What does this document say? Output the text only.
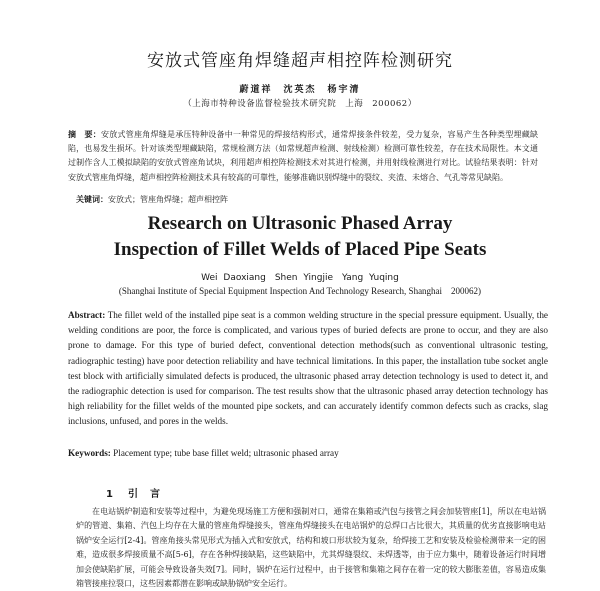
安放式管座角焊缝超声相控阵检测研究
蔚道祥　沈英杰　杨宇清
（上海市特种设备监督检验技术研究院　上海　200062）
摘　要：安放式管座角焊缝是承压特种设备中一种常见的焊接结构形式，通常焊接条件较差，受力复杂，容易产生各种类型埋藏缺陷，也易发生损坏。针对该类型埋藏缺陷，常规检测方法（如常规超声检测、射线检测）检测可靠性较差，存在技术局限性。本文通过制作含人工模拟缺陷的安放式管座角试块，利用超声相控阵检测技术对其进行检测，并用射线检测进行对比。试验结果表明：针对安放式管座角焊缝，超声相控阵检测技术具有较高的可靠性，能够准确识别焊缝中的裂纹、夹渣、未熔合、气孔等常见缺陷。
关键词：安放式；管座角焊缝；超声相控阵
Research on Ultrasonic Phased Array
Inspection of Fillet Welds of Placed Pipe Seats
Wei Daoxiang　Shen Yingjie　Yang Yuqing
(Shanghai Institute of Special Equipment Inspection And Technology Research, Shanghai　200062)
Abstract: The fillet weld of the installed pipe seat is a common welding structure in the special pressure equipment. Usually, the welding conditions are poor, the force is complicated, and various types of buried defects are prone to occur, and they are also prone to damage. For this type of buried defect, conventional detection methods(such as conventional ultrasonic testing, radiographic testing) have poor detection reliability and have technical limitations. In this paper, the installation tube socket angle test block with artificially simulated defects is produced, the ultrasonic phased array detection technology is used to detect it, and the radiographic detection is used for comparison. The test results show that the ultrasonic phased array detection technology has high reliability for the fillet welds of the mounted pipe sockets, and can accurately identify common defects such as cracks, slag inclusions, unfused, and pores in the welds.
Keywords: Placement type; tube base fillet weld; ultrasonic phased array
1 引　言
在电站锅炉制造和安装等过程中，为避免现场施工方便和强制对口，通常在集箱或汽包与接管之间会加装管座[1]，所以在电站锅炉的管道、集箱、汽包上均存在大量的管座角焊缝接头，管座角焊缝接头在电站锅炉的总焊口占比很大，其质量的优劣直接影响电站锅炉安全运行[2-4]。管座角接头常见形式为插入式和安放式，结构和坡口形状较为复杂，给焊接工艺和安装及检验检测带来一定的困难，造成很多焊接质量不高[5-6]，存在各种焊接缺陷，这些缺陷中，尤其焊缝裂纹、未焊透等，由于应力集中，随着设备运行时间增加会使缺陷扩展，可能会导致设备失效[7]。同时，锅炉在运行过程中，由于接管和集箱之间存在着一定的较大膨胀差值，容易造成集箱管接座拉裂口，这些因素都潜在影响或缺胁锅炉安全运行。
